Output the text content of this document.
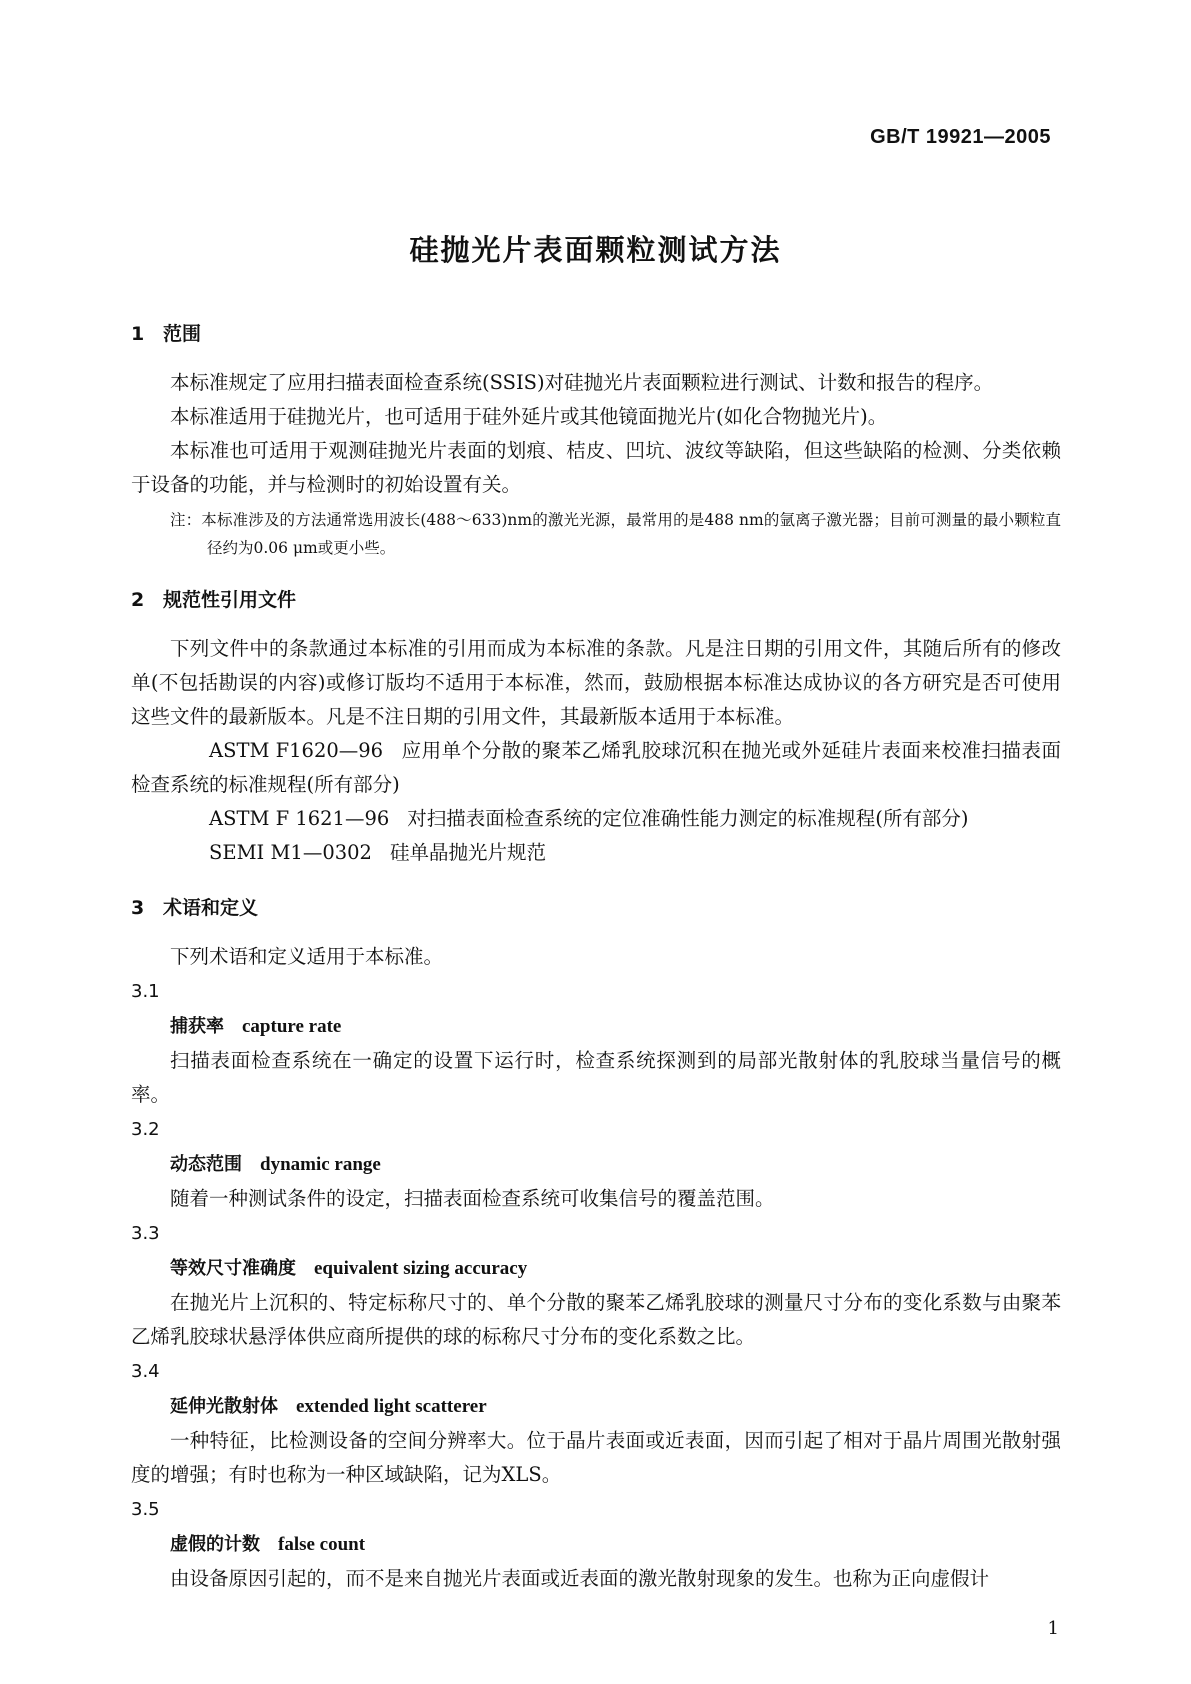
GB/T 19921—2005
硅抛光片表面颗粒测试方法
1 范围

本标准规定了应用扫描表面检查系统(SSIS)对硅抛光片表面颗粒进行测试、计数和报告的程序。

本标准适用于硅抛光片，也可适用于硅外延片或其他镜面抛光片(如化合物抛光片)。

本标准也可适用于观测硅抛光片表面的划痕、桔皮、凹坑、波纹等缺陷，但这些缺陷的检测、分类依赖于设备的功能，并与检测时的初始设置有关。

注：本标准涉及的方法通常选用波长(488～633)nm的激光光源，最常用的是488 nm的氩离子激光器；目前可测量的最小颗粒直径约为0.06 μm或更小些。

2 规范性引用文件

下列文件中的条款通过本标准的引用而成为本标准的条款。凡是注日期的引用文件，其随后所有的修改单(不包括勘误的内容)或修订版均不适用于本标准，然而，鼓励根据本标准达成协议的各方研究是否可使用这些文件的最新版本。凡是不注日期的引用文件，其最新版本适用于本标准。

ASTM F1620—96 应用单个分散的聚苯乙烯乳胶球沉积在抛光或外延硅片表面来校准扫描表面检查系统的标准规程(所有部分)

ASTM F 1621—96 对扫描表面检查系统的定位准确性能力测定的标准规程(所有部分)

SEMI M1—0302 硅单晶抛光片规范

3 术语和定义

下列术语和定义适用于本标准。

3.1
捕获率 capture rate

扫描表面检查系统在一确定的设置下运行时，检查系统探测到的局部光散射体的乳胶球当量信号的概率。

3.2
动态范围 dynamic range

随着一种测试条件的设定，扫描表面检查系统可收集信号的覆盖范围。

3.3
等效尺寸准确度 equivalent sizing accuracy

在抛光片上沉积的、特定标称尺寸的、单个分散的聚苯乙烯乳胶球的测量尺寸分布的变化系数与由聚苯乙烯乳胶球状悬浮体供应商所提供的球的标称尺寸分布的变化系数之比。

3.4
延伸光散射体 extended light scatterer

一种特征，比检测设备的空间分辨率大。位于晶片表面或近表面，因而引起了相对于晶片周围光散射强度的增强；有时也称为一种区域缺陷，记为XLS。

3.5
虚假的计数 false count

由设备原因引起的，而不是来自抛光片表面或近表面的激光散射现象的发生。也称为正向虚假计

1
